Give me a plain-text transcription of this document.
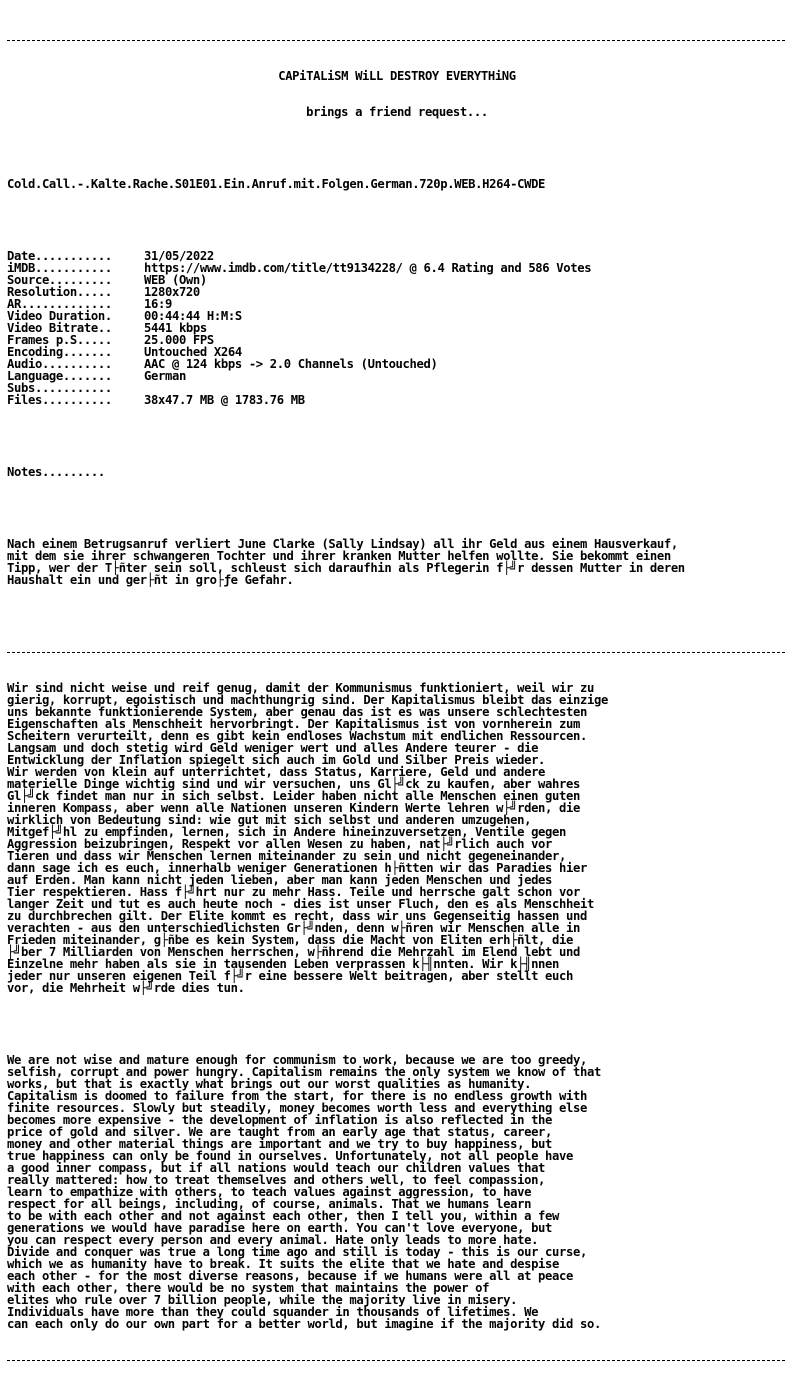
CAPiTALiSM WiLL DESTROY EVERYTHiNG

brings a friend request...

Cold.Call.-.Kalte.Rache.S01E01.Ein.Anruf.mit.Folgen.German.720p.WEB.H264-CWDE

Date...........	31/05/2022
iMDB...........	https://www.imdb.com/title/tt9134228/ @ 6.4 Rating and 586 Votes
Source.........	WEB (Own)
Resolution.....	1280x720
AR.............	16:9
Video Duration.	00:44:44 H:M:S
Video Bitrate..	5441 kbps
Frames p.S.....	25.000 FPS
Encoding.......	Untouched X264
Audio..........	AAC @ 124 kbps -> 2.0 Channels (Untouched)
Language.......	German
Subs...........
Files..........	38x47.7 MB @ 1783.76 MB

Notes.........

Nach einem Betrugsanruf verliert June Clarke (Sally Lindsay) all ihr Geld aus einem Hausverkauf,
mit dem sie ihrer schwangeren Tochter und ihrer kranken Mutter helfen wollte. Sie bekommt einen
Tipp, wer der T├ñter sein soll, schleust sich daraufhin als Pflegerin f├╝r dessen Mutter in deren
Haushalt ein und ger├ñt in gro├ƒe Gefahr.

Wir sind nicht weise und reif genug, damit der Kommunismus funktioniert, weil wir zu
gierig, korrupt, egoistisch und machthungrig sind. Der Kapitalismus bleibt das einzige
uns bekannte funktionierende System, aber genau das ist es was unsere schlechtesten
Eigenschaften als Menschheit hervorbringt. Der Kapitalismus ist von vornherein zum
Scheitern verurteilt, denn es gibt kein endloses Wachstum mit endlichen Ressourcen.
Langsam und doch stetig wird Geld weniger wert und alles Andere teurer - die
Entwicklung der Inflation spiegelt sich auch im Gold und Silber Preis wieder.
Wir werden von klein auf unterrichtet, dass Status, Karriere, Geld und andere
materielle Dinge wichtig sind und wir versuchen, uns Gl├╝ck zu kaufen, aber wahres
Gl├╝ck findet man nur in sich selbst. Leider haben nicht alle Menschen einen guten
inneren Kompass, aber wenn alle Nationen unseren Kindern Werte lehren w├╝rden, die
wirklich von Bedeutung sind: wie gut mit sich selbst und anderen umzugehen,
Mitgef├╝hl zu empfinden, lernen, sich in Andere hineinzuversetzen, Ventile gegen
Aggression beizubringen, Respekt vor allen Wesen zu haben, nat├╝rlich auch vor
Tieren und dass wir Menschen lernen miteinander zu sein und nicht gegeneinander,
dann sage ich es euch, innerhalb weniger Generationen h├ñtten wir das Paradies hier
auf Erden. Man kann nicht jeden lieben, aber man kann jeden Menschen und jedes
Tier respektieren. Hass f├╝hrt nur zu mehr Hass. Teile und herrsche galt schon vor
langer Zeit und tut es auch heute noch - dies ist unser Fluch, den es als Menschheit
zu durchbrechen gilt. Der Elite kommt es recht, dass wir uns Gegenseitig hassen und
verachten - aus den unterschiedlichsten Gr├╝nden, denn w├ñren wir Menschen alle in
Frieden miteinander, g├ñbe es kein System, dass die Macht von Eliten erh├ñlt, die
├╝ber 7 Milliarden von Menschen herrschen, w├ñhrend die Mehrzahl im Elend lebt und
Einzelne mehr haben als sie in tausenden Leben verprassen k├╢nnten. Wir k├╢nnen
jeder nur unseren eigenen Teil f├╝r eine bessere Welt beitragen, aber stellt euch
vor, die Mehrheit w├╝rde dies tun.

We are not wise and mature enough for communism to work, because we are too greedy,
selfish, corrupt and power hungry. Capitalism remains the only system we know of that
works, but that is exactly what brings out our worst qualities as humanity.
Capitalism is doomed to failure from the start, for there is no endless growth with
finite resources. Slowly but steadily, money becomes worth less and everything else
becomes more expensive - the development of inflation is also reflected in the
price of gold and silver. We are taught from an early age that status, career,
money and other material things are important and we try to buy happiness, but
true happiness can only be found in ourselves. Unfortunately, not all people have
a good inner compass, but if all nations would teach our children values that
really mattered: how to treat themselves and others well, to feel compassion,
learn to empathize with others, to teach values against aggression, to have
respect for all beings, including, of course, animals. That we humans learn
to be with each other and not against each other, then I tell you, within a few
generations we would have paradise here on earth. You can't love everyone, but
you can respect every person and every animal. Hate only leads to more hate.
Divide and conquer was true a long time ago and still is today - this is our curse,
which we as humanity have to break. It suits the elite that we hate and despise
each other - for the most diverse reasons, because if we humans were all at peace
with each other, there would be no system that maintains the power of
elites who rule over 7 billion people, while the majority live in misery.
Individuals have more than they could squander in thousands of lifetimes. We
can each only do our own part for a better world, but imagine if the majority did so.
